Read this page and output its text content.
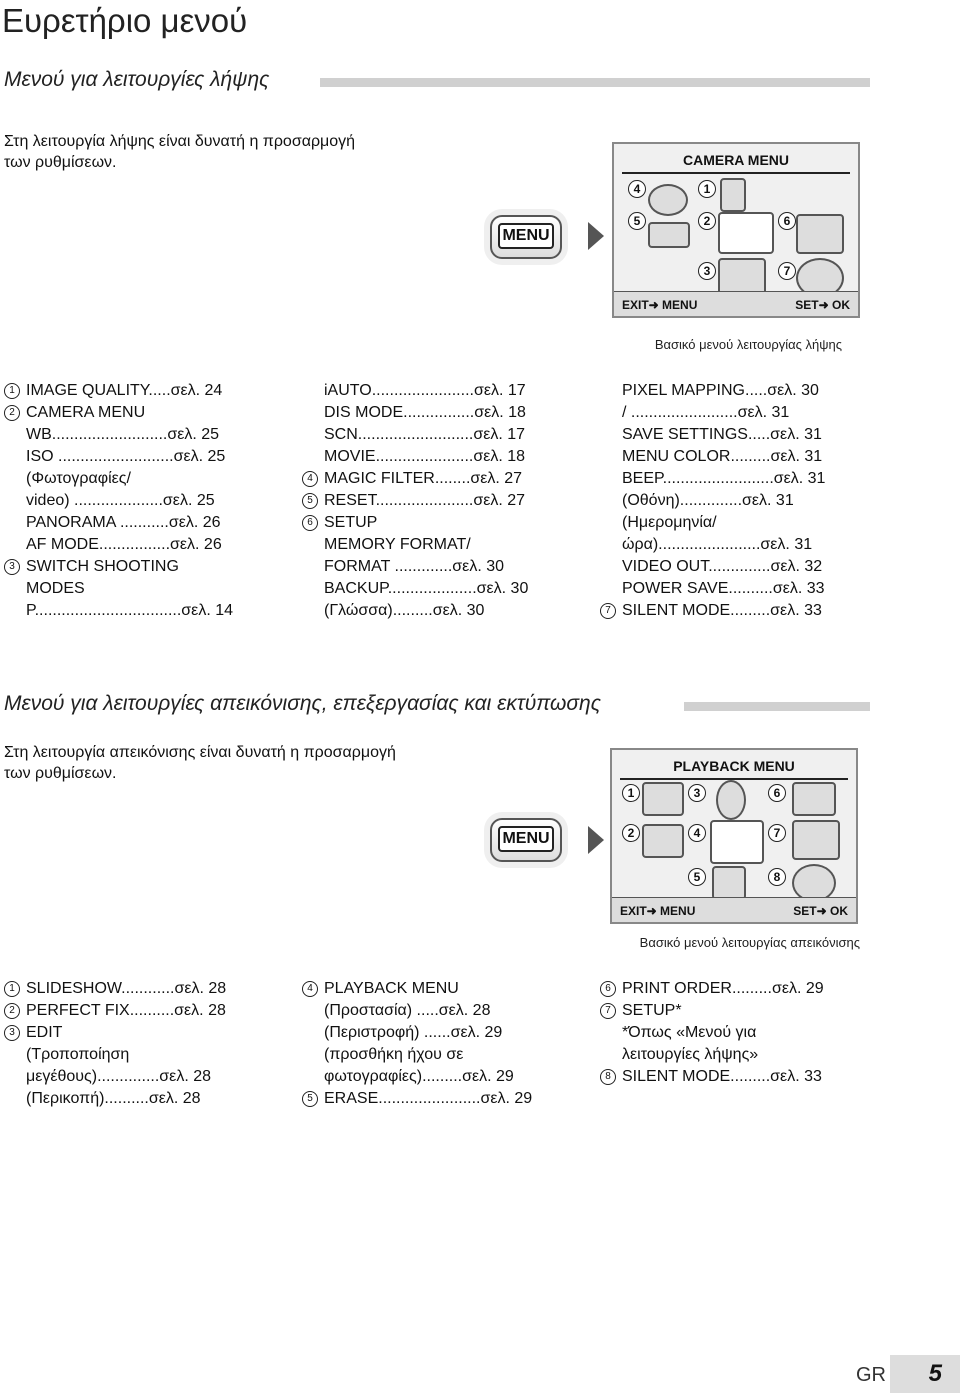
Ευρετήριο μενού
Μενού για λειτουργίες λήψης
Στη λειτουργία λήψης είναι δυνατή η προσαρμογή
των ρυθμίσεων.
MENU
CAMERA MENU
4	1
5	2	6
3	7
EXIT➜ MENU	SET➜ OK
Βασικό μενού λειτουργίας λήψης
1 IMAGE QUALITY.....σελ. 24
2 CAMERA MENU
WB..........................σελ. 25
ISO ..........................σελ. 25
(Φωτογραφίες/
video) ....................σελ. 25
PANORAMA ...........σελ. 26
AF MODE................σελ. 26
3 SWITCH SHOOTING
MODES
P.................................σελ. 14
iAUTO.......................σελ. 17
DIS MODE................σελ. 18
SCN..........................σελ. 17
MOVIE......................σελ. 18
4 MAGIC FILTER........σελ. 27
5 RESET......................σελ. 27
6 SETUP
MEMORY FORMAT/
FORMAT .............σελ. 30
BACKUP....................σελ. 30
(Γλώσσα).........σελ. 30
PIXEL MAPPING.....σελ. 30
/ ........................σελ. 31
SAVE SETTINGS.....σελ. 31
MENU COLOR.........σελ. 31
BEEP.........................σελ. 31
(Οθόνη)..............σελ. 31
(Ημερομηνία/
ώρα).......................σελ. 31
VIDEO OUT..............σελ. 32
POWER SAVE..........σελ. 33
7 SILENT MODE.........σελ. 33
Μενού για λειτουργίες απεικόνισης, επεξεργασίας και εκτύπωσης
Στη λειτουργία απεικόνισης είναι δυνατή η προσαρμογή
των ρυθμίσεων.
MENU
PLAYBACK MENU
1	3	6
2	4	7
5	8
EXIT➜ MENU	SET➜ OK
Βασικό μενού λειτουργίας απεικόνισης
1 SLIDESHOW............σελ. 28
2 PERFECT FIX..........σελ. 28
3 EDIT
(Τροποποίηση
μεγέθους)..............σελ. 28
(Περικοπή)..........σελ. 28
4 PLAYBACK MENU
(Προστασία) .....σελ. 28
(Περιστροφή) ......σελ. 29
(προσθήκη ήχου σε
φωτογραφίες).........σελ. 29
5 ERASE.......................σελ. 29
6 PRINT ORDER.........σελ. 29
7 SETUP*
*Όπως «Μενού για
λειτουργίες λήψης»
8 SILENT MODE.........σελ. 33
GR 5
